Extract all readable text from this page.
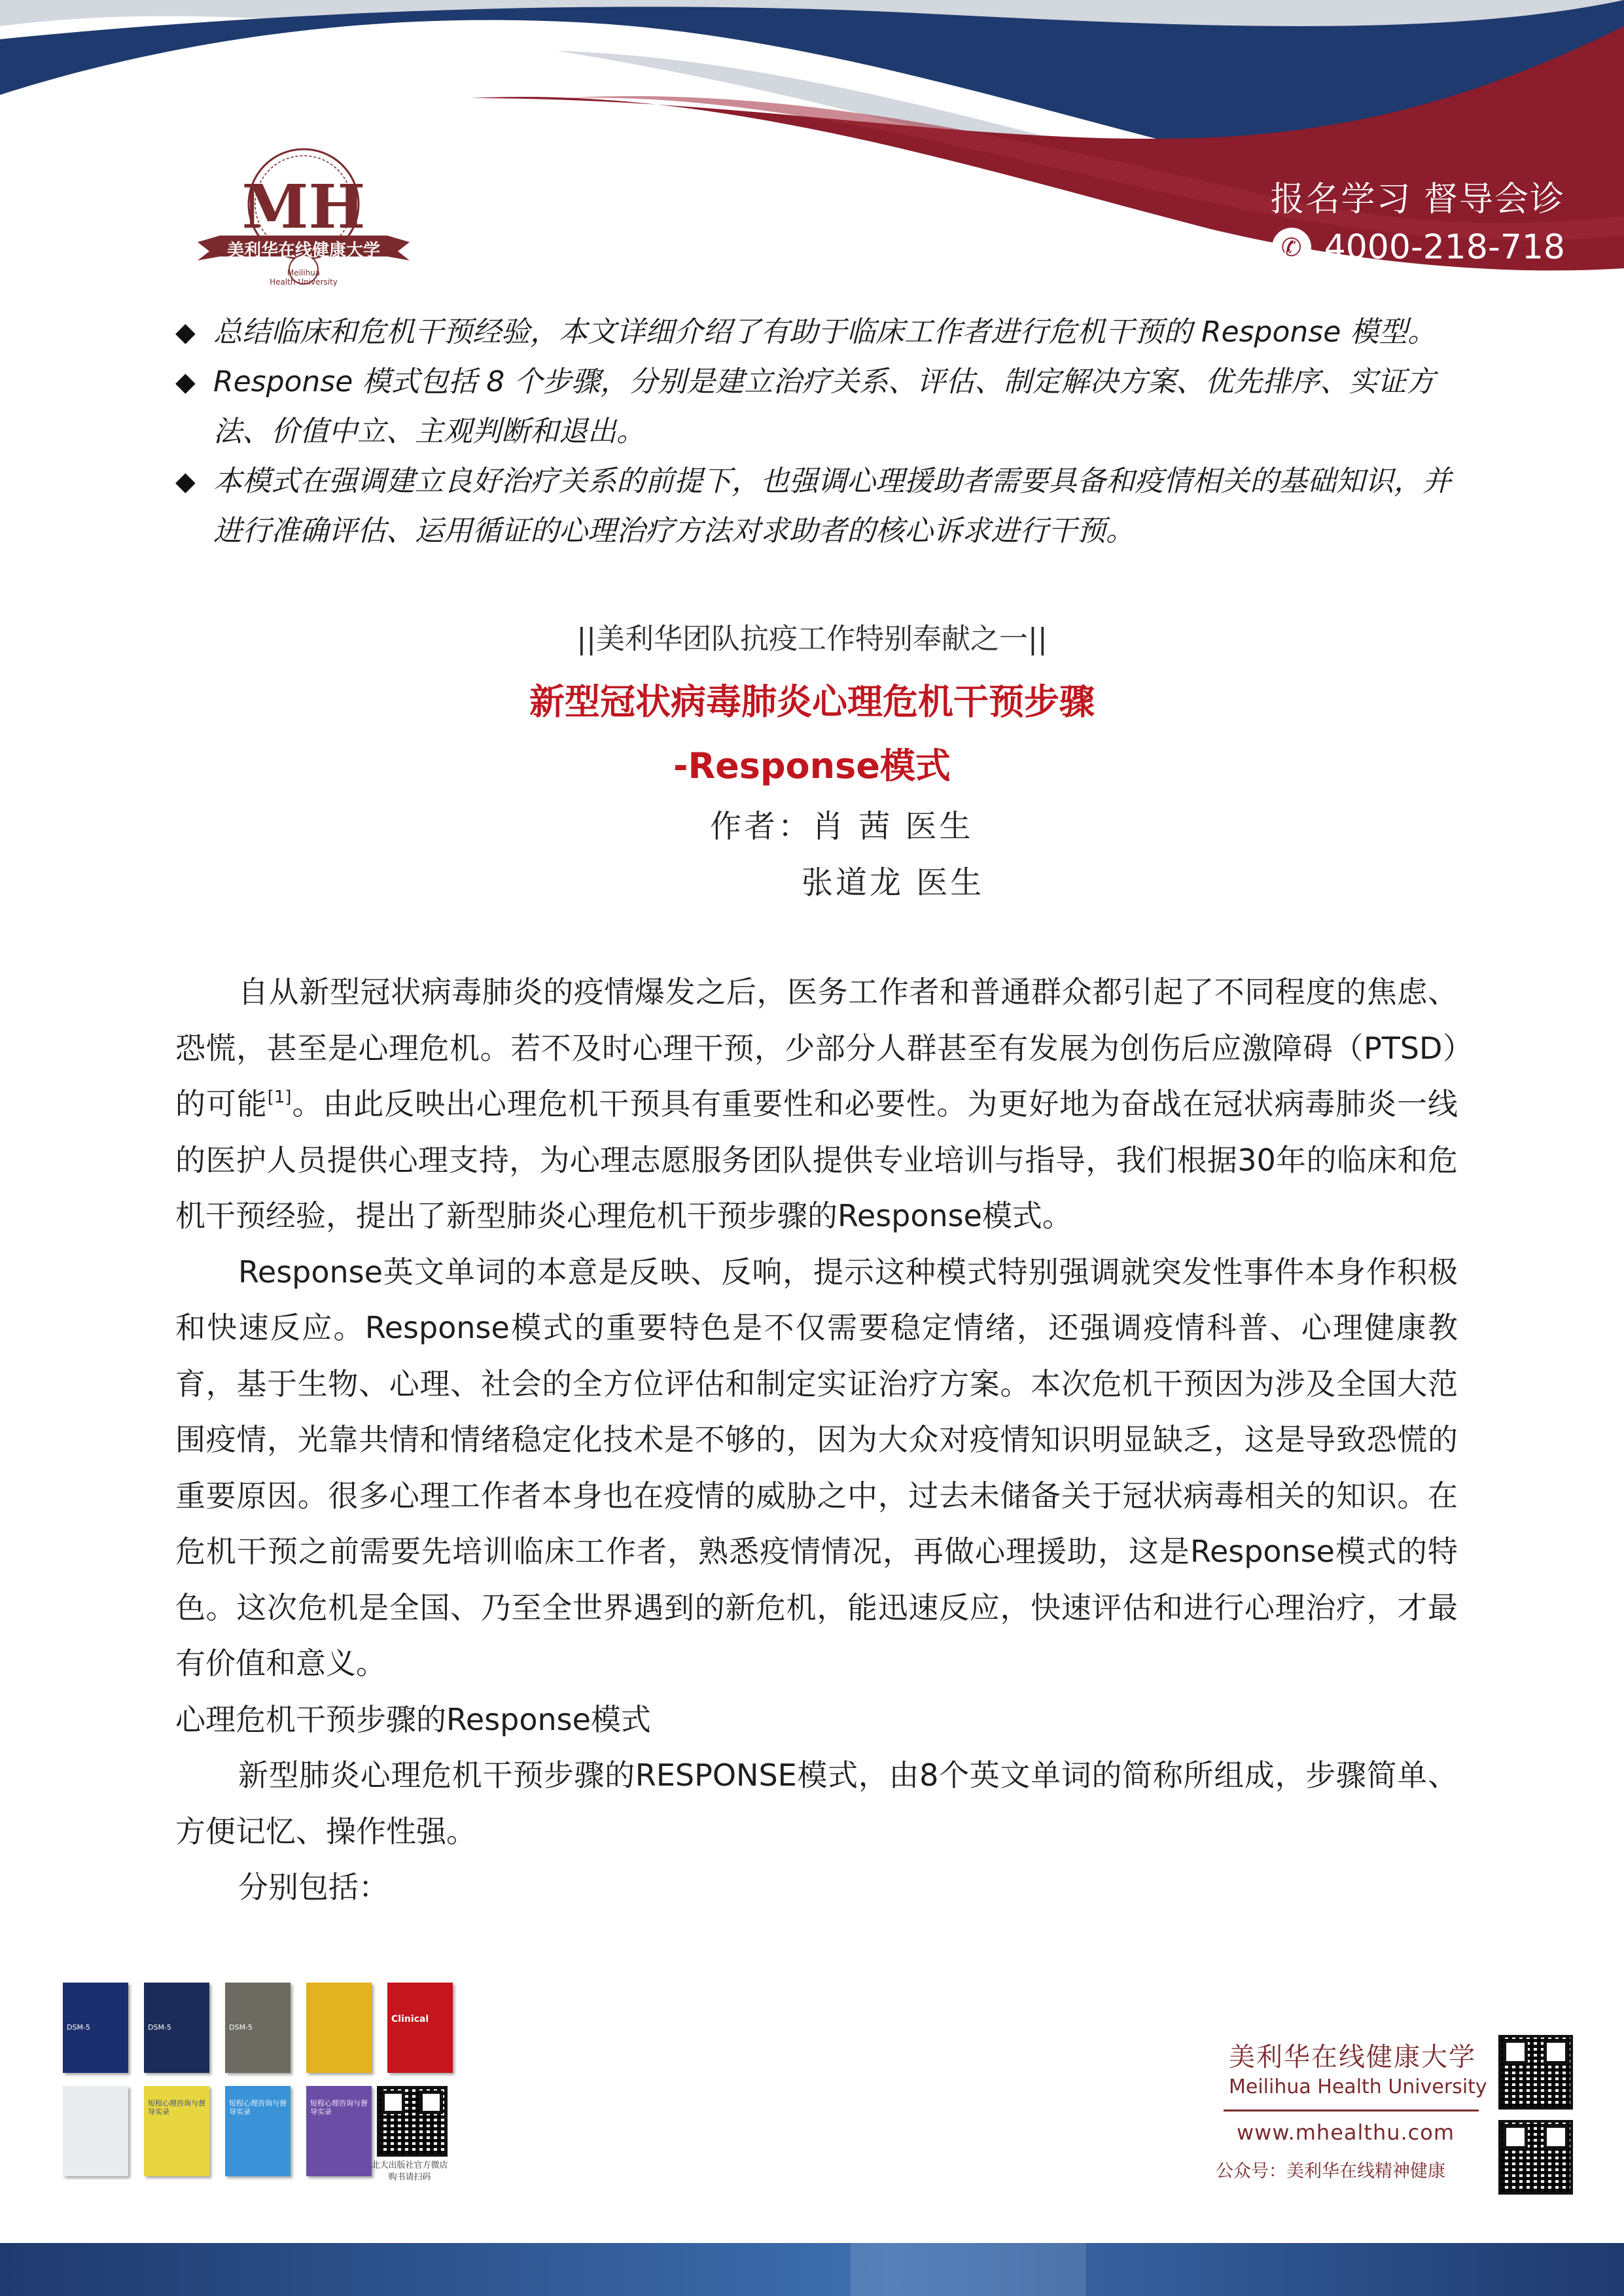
MH
美利华在线健康大学
Meilihua
Health University
报名学习 督导会诊
✆ 4000-218-718
◆ 总结临床和危机干预经验，本文详细介绍了有助于临床工作者进行危机干预的 Response 模型。
◆ Response 模式包括 8 个步骤，分别是建立治疗关系、评估、制定解决方案、优先排序、实证方法、价值中立、主观判断和退出。
◆ 本模式在强调建立良好治疗关系的前提下，也强调心理援助者需要具备和疫情相关的基础知识，并进行准确评估、运用循证的心理治疗方法对求助者的核心诉求进行干预。
||美利华团队抗疫工作特别奉献之一||
新型冠状病毒肺炎心理危机干预步骤
-Response模式
作者：肖 茜 医生
张道龙 医生

自从新型冠状病毒肺炎的疫情爆发之后，医务工作者和普通群众都引起了不同程度的焦虑、恐慌，甚至是心理危机。若不及时心理干预，少部分人群甚至有发展为创伤后应激障碍（PTSD）的可能[1]。由此反映出心理危机干预具有重要性和必要性。为更好地为奋战在冠状病毒肺炎一线的医护人员提供心理支持，为心理志愿服务团队提供专业培训与指导，我们根据30年的临床和危机干预经验，提出了新型肺炎心理危机干预步骤的Response模式。

Response英文单词的本意是反映、反响，提示这种模式特别强调就突发性事件本身作积极和快速反应。Response模式的重要特色是不仅需要稳定情绪，还强调疫情科普、心理健康教育，基于生物、心理、社会的全方位评估和制定实证治疗方案。本次危机干预因为涉及全国大范围疫情，光靠共情和情绪稳定化技术是不够的，因为大众对疫情知识明显缺乏，这是导致恐慌的重要原因。很多心理工作者本身也在疫情的威胁之中，过去未储备关于冠状病毒相关的知识。在危机干预之前需要先培训临床工作者，熟悉疫情情况，再做心理援助，这是Response模式的特色。这次危机是全国、乃至全世界遇到的新危机，能迅速反应，快速评估和进行心理治疗，才最有价值和意义。

心理危机干预步骤的Response模式

新型肺炎心理危机干预步骤的RESPONSE模式，由8个英文单词的简称所组成，步骤简单、方便记忆、操作性强。

分别包括：

DSM-5	DSM-5	DSM-5
Clinical
短程心理咨询与督导实录
短程心理咨询与督导实录
短程心理咨询与督导实录
北大出版社官方微店
购书请扫码
美利华在线健康大学
Meilihua Health University
www.mhealthu.com
公众号：美利华在线精神健康
